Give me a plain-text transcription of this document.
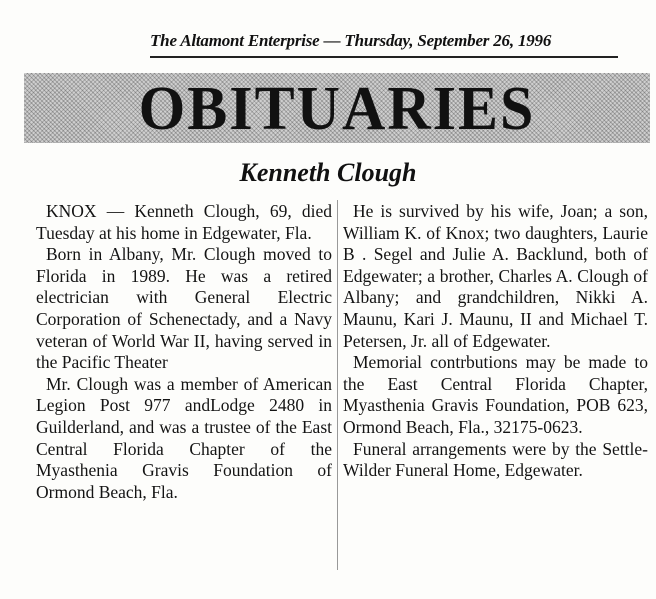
The Altamont Enterprise — Thursday, September 26, 1996
OBITUARIES
Kenneth Clough

KNOX — Kenneth Clough, 69, died Tuesday at his home in Edgewater, Fla.

Born in Albany, Mr. Clough moved to Florida in 1989. He was a retired electrician with General Electric Corporation of Schenectady, and a Navy veteran of World War II, having served in the Pacific Theater

Mr. Clough was a member of American Legion Post 977 andLodge 2480 in Guilderland, and was a trustee of the East Central Florida Chapter of the Myasthenia Gravis Foundation of Ormond Beach, Fla.

He is survived by his wife, Joan; a son, William K. of Knox; two daughters, Laurie B . Segel and Julie A. Backlund, both of Edgewater; a brother, Charles A. Clough of Albany; and grandchildren, Nikki A. Maunu, Kari J. Maunu, II and Michael T. Petersen, Jr. all of Edgewater.

Memorial contrbutions may be made to the East Central Florida Chapter, Myasthenia Gravis Foundation, POB 623, Ormond Beach, Fla., 32175-0623.

Funeral arrangements were by the Settle-Wilder Funeral Home, Edgewater.
